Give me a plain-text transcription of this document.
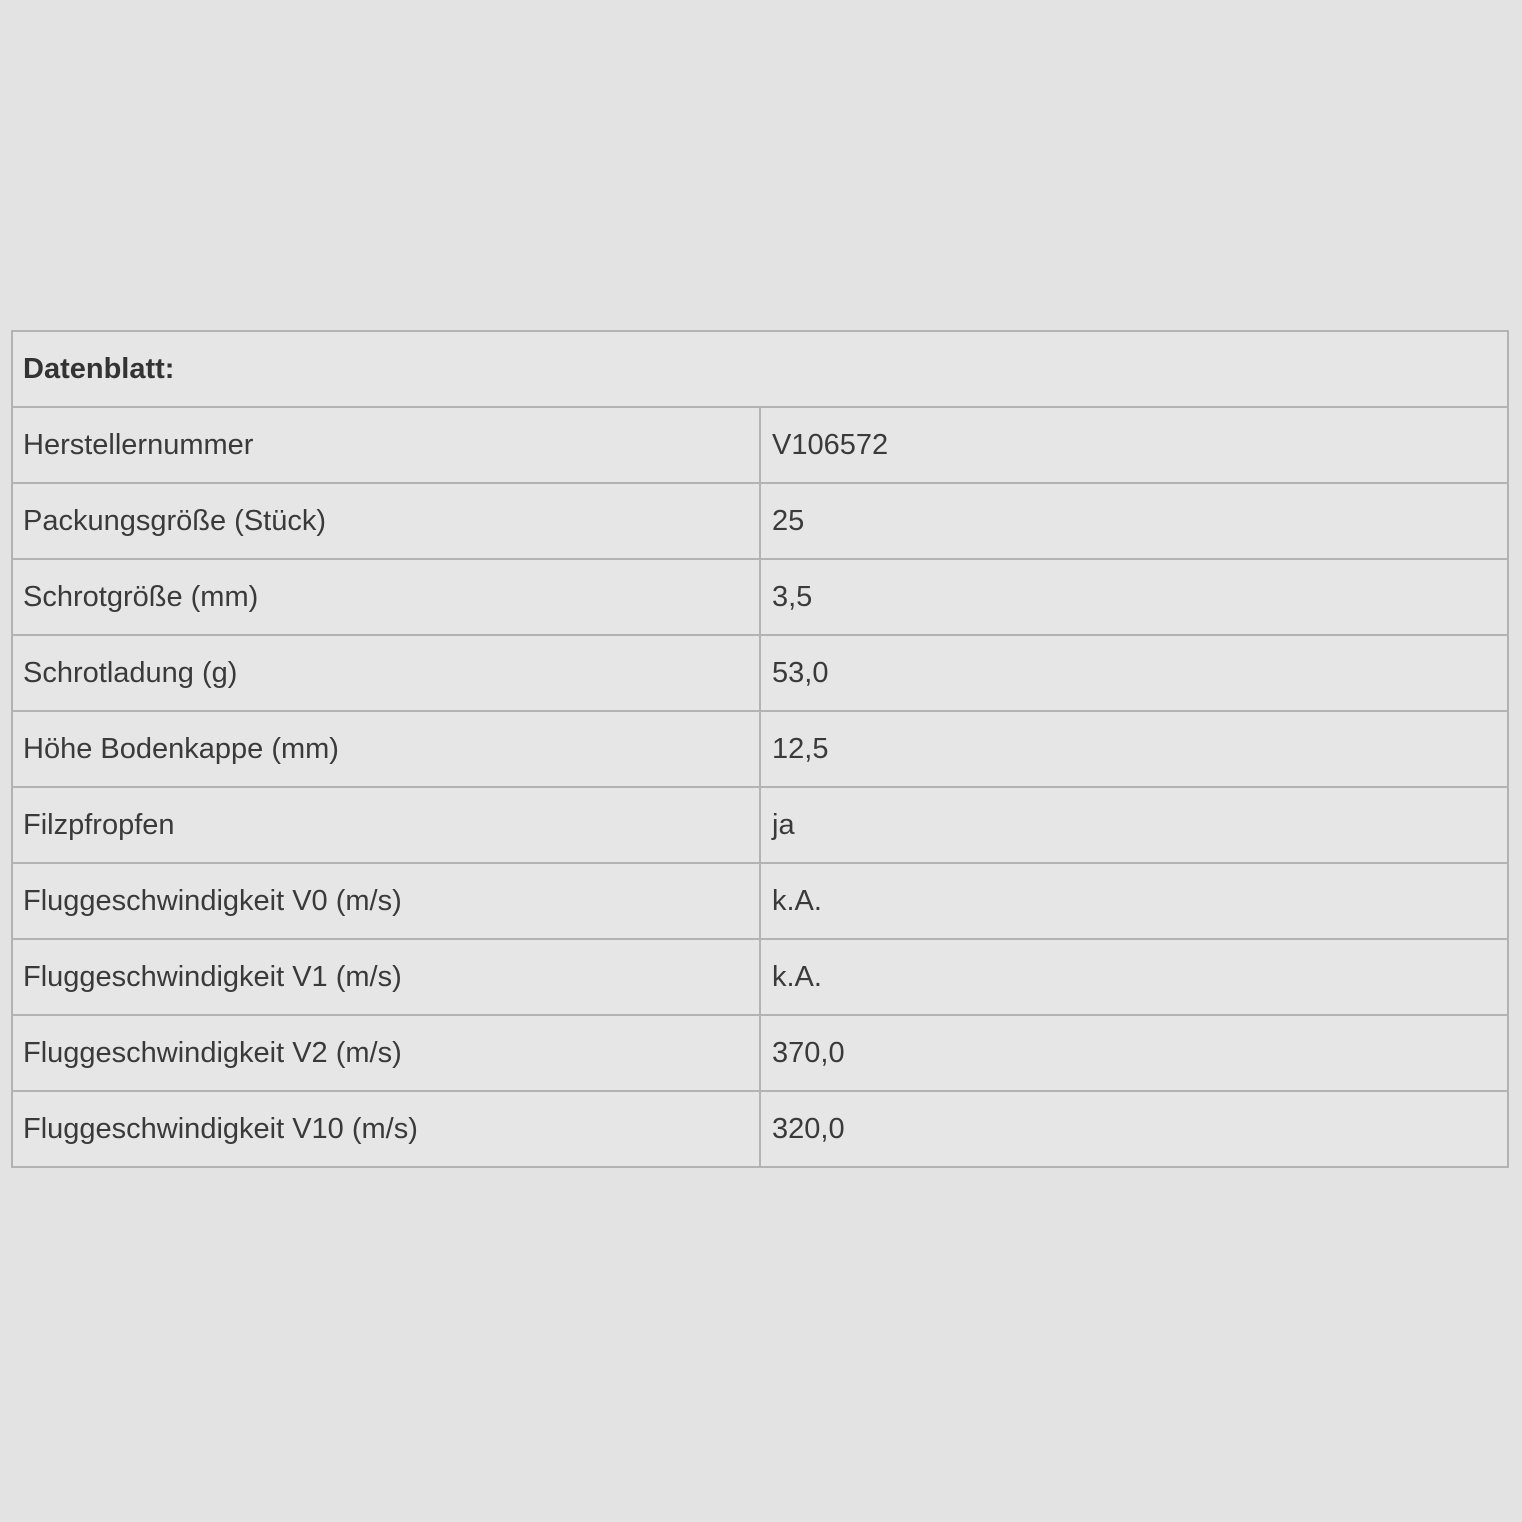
Datenblatt:	
Herstellernummer	V106572
Packungsgröße (Stück)	25
Schrotgröße (mm)	3,5
Schrotladung (g)	53,0
Höhe Bodenkappe (mm)	12,5
Filzpfropfen	ja
Fluggeschwindigkeit V0 (m/s)	k.A.
Fluggeschwindigkeit V1 (m/s)	k.A.
Fluggeschwindigkeit V2 (m/s)	370,0
Fluggeschwindigkeit V10 (m/s)	320,0
